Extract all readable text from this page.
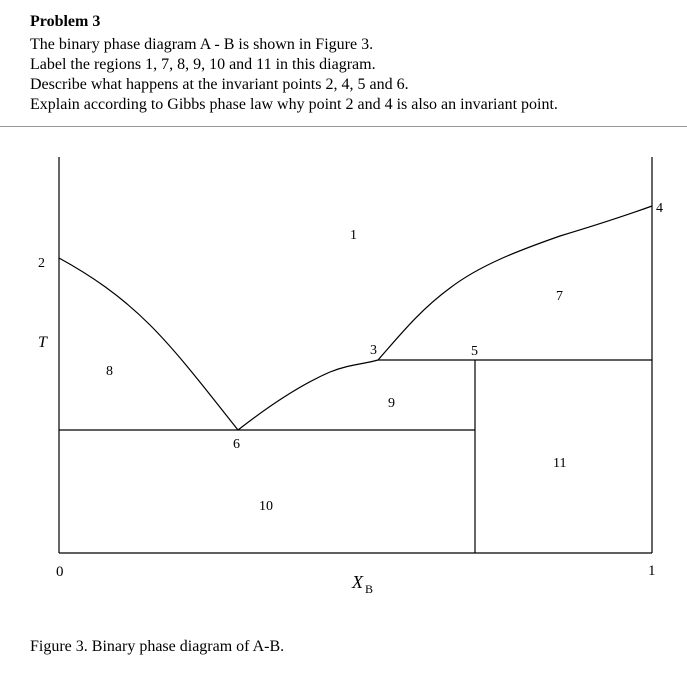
Problem 3
The binary phase diagram A - B is shown in Figure 3.
Label the regions 1, 7, 8, 9, 10 and 11 in this diagram.
Describe what happens at the invariant points 2, 4, 5 and 6.
Explain according to Gibbs phase law why point 2 and 4 is also an invariant point.
T
X B
0	1
2
3
4
5
6
1
7
8
9
10
11
Figure 3. Binary phase diagram of A-B.
